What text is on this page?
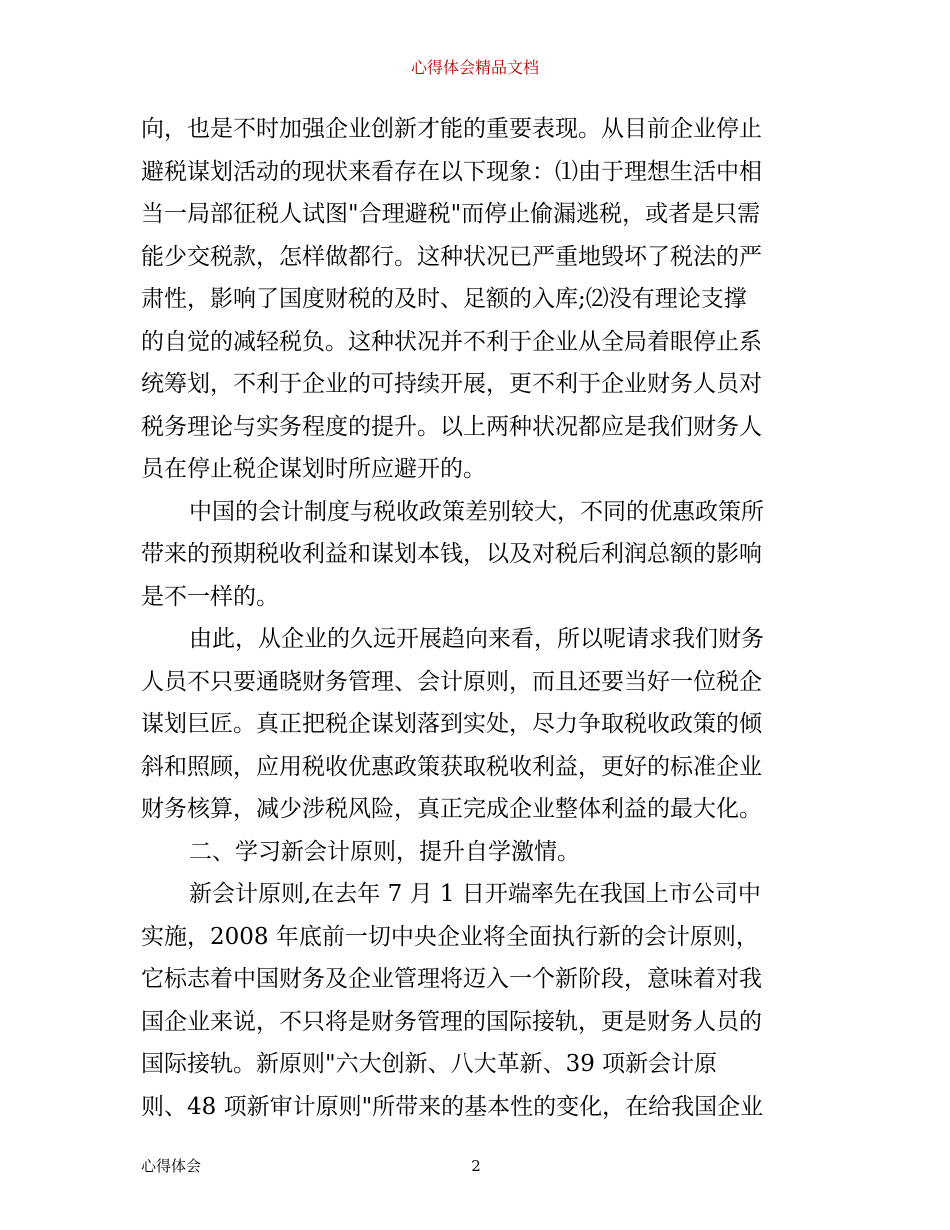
心得体会精品文档
向，也是不时加强企业创新才能的重要表现。从目前企业停止
避税谋划活动的现状来看存在以下现象：⑴由于理想生活中相
当一局部征税人试图"合理避税"而停止偷漏逃税，或者是只需
能少交税款，怎样做都行。这种状况已严重地毁坏了税法的严
肃性，影响了国度财税的及时、足额的入库;⑵没有理论支撑
的自觉的减轻税负。这种状况并不利于企业从全局着眼停止系
统筹划，不利于企业的可持续开展，更不利于企业财务人员对
税务理论与实务程度的提升。以上两种状况都应是我们财务人
员在停止税企谋划时所应避开的。
中国的会计制度与税收政策差别较大，不同的优惠政策所
带来的预期税收利益和谋划本钱，以及对税后利润总额的影响
是不一样的。
由此，从企业的久远开展趋向来看，所以呢请求我们财务
人员不只要通晓财务管理、会计原则，而且还要当好一位税企
谋划巨匠。真正把税企谋划落到实处，尽力争取税收政策的倾
斜和照顾，应用税收优惠政策获取税收利益，更好的标准企业
财务核算，减少涉税风险，真正完成企业整体利益的最大化。
二、学习新会计原则，提升自学激情。
新会计原则,在去年 7 月 1 日开端率先在我国上市公司中
实施，2008 年底前一切中央企业将全面执行新的会计原则，
它标志着中国财务及企业管理将迈入一个新阶段，意味着对我
国企业来说，不只将是财务管理的国际接轨，更是财务人员的
国际接轨。新原则"六大创新、八大革新、39 项新会计原
则、48 项新审计原则"所带来的基本性的变化，在给我国企业
心得体会	2
